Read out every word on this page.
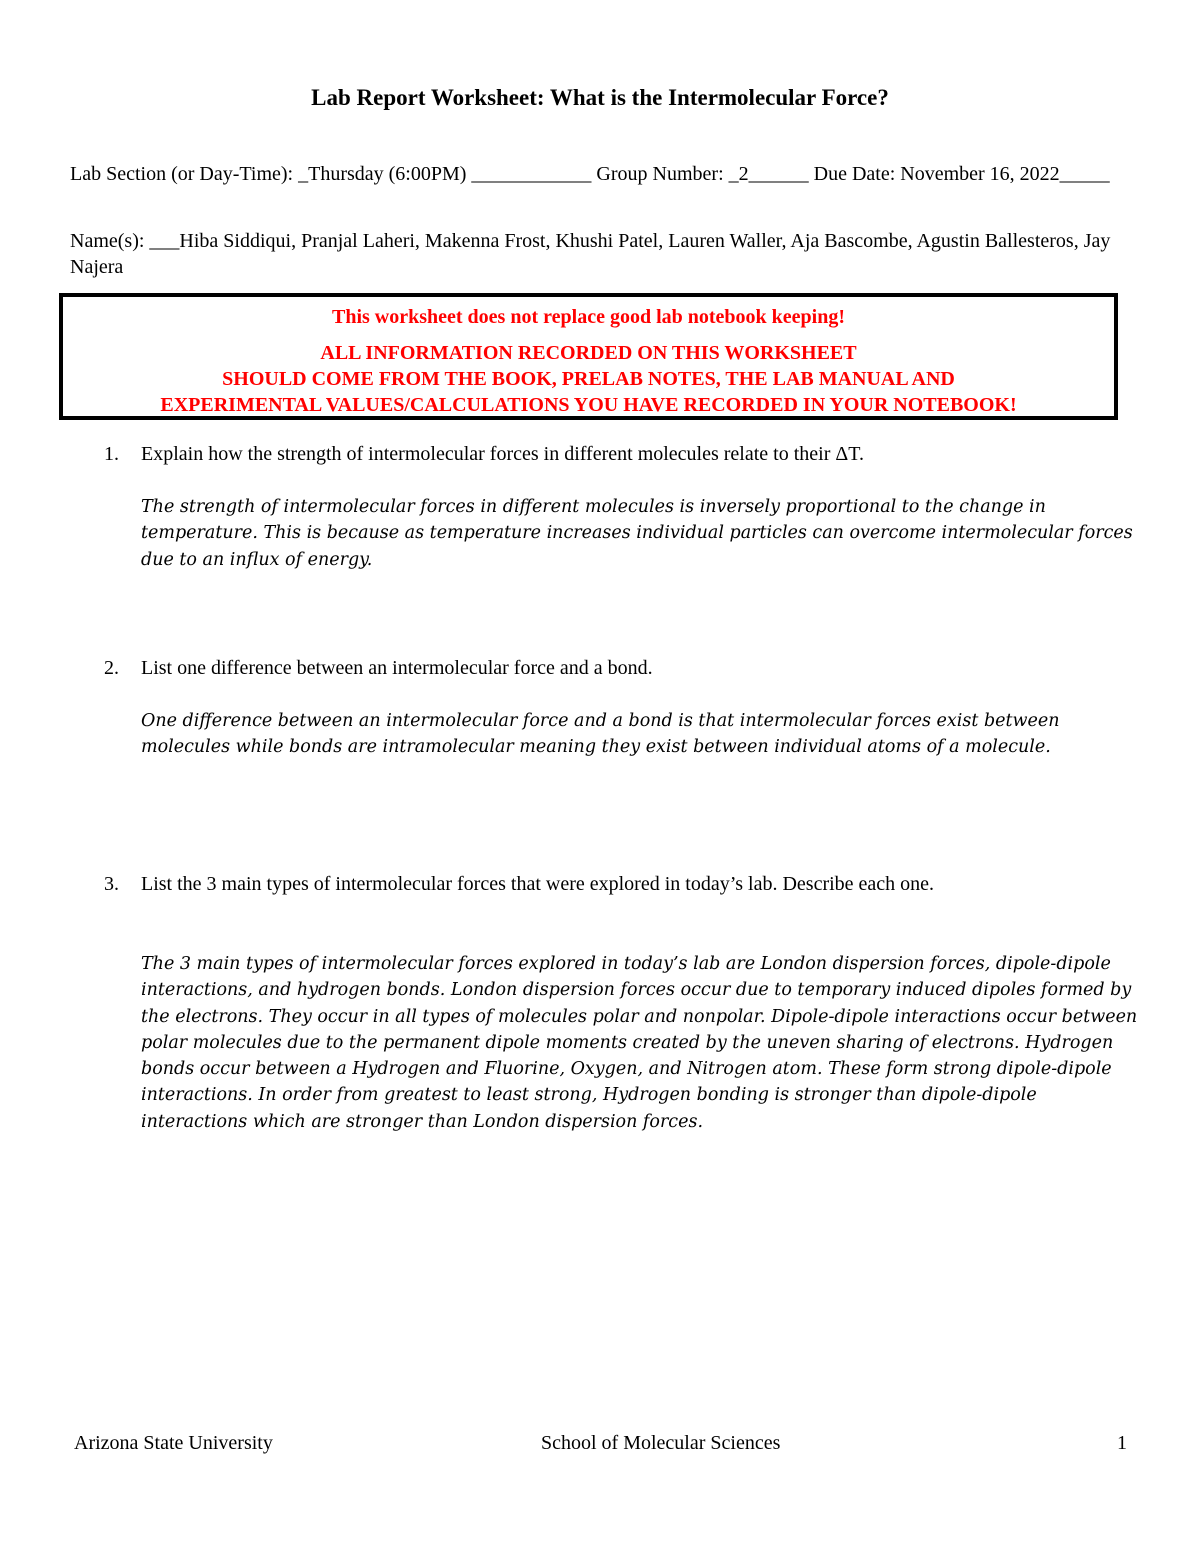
Lab Report Worksheet: What is the Intermolecular Force?

Lab Section (or Day-Time): _Thursday (6:00PM) ____________ Group Number: _2______ Due Date: November 16, 2022_____

Name(s): ___Hiba Siddiqui, Pranjal Laheri, Makenna Frost, Khushi Patel, Lauren Waller, Aja Bascombe, Agustin Ballesteros, Jay Najera

This worksheet does not replace good lab notebook keeping!
ALL INFORMATION RECORDED ON THIS WORKSHEET
SHOULD COME FROM THE BOOK, PRELAB NOTES, THE LAB MANUAL AND
EXPERIMENTAL VALUES/CALCULATIONS YOU HAVE RECORDED IN YOUR NOTEBOOK!
1. Explain how the strength of intermolecular forces in different molecules relate to their ΔT.

The strength of intermolecular forces in different molecules is inversely proportional to the change in temperature. This is because as temperature increases individual particles can overcome intermolecular forces due to an influx of energy.

2. List one difference between an intermolecular force and a bond.

One difference between an intermolecular force and a bond is that intermolecular forces exist between molecules while bonds are intramolecular meaning they exist between individual atoms of a molecule.

3. List the 3 main types of intermolecular forces that were explored in today’s lab. Describe each one.

The 3 main types of intermolecular forces explored in today’s lab are London dispersion forces, dipole-dipole interactions, and hydrogen bonds. London dispersion forces occur due to temporary induced dipoles formed by the electrons. They occur in all types of molecules polar and nonpolar. Dipole-dipole interactions occur between polar molecules due to the permanent dipole moments created by the uneven sharing of electrons. Hydrogen bonds occur between a Hydrogen and Fluorine, Oxygen, and Nitrogen atom. These form strong dipole-dipole interactions. In order from greatest to least strong, Hydrogen bonding is stronger than dipole-dipole interactions which are stronger than London dispersion forces.

Arizona State University	School of Molecular Sciences	1
